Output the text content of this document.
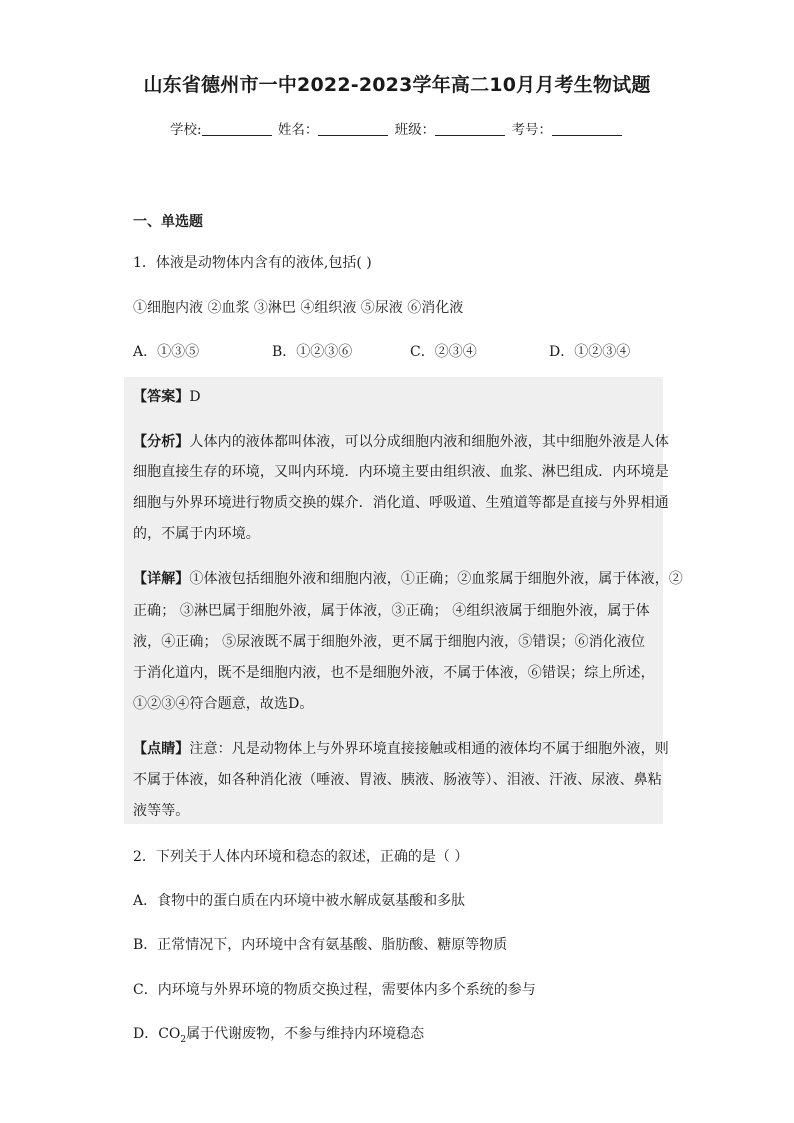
山东省德州市一中2022-2023学年高二10月月考生物试题
学校:	姓名：	班级：	考号：
一、单选题
1．体液是动物体内含有的液体,包括( )
①细胞内液 ②血浆 ③淋巴 ④组织液 ⑤尿液 ⑥消化液
A．①③⑤	B．①②③⑥	C．②③④	D．①②③④
【答案】D
【分析】人体内的液体都叫体液，可以分成细胞内液和细胞外液，其中细胞外液是人体
细胞直接生存的环境，又叫内环境．内环境主要由组织液、血浆、淋巴组成．内环境是
细胞与外界环境进行物质交换的媒介．消化道、呼吸道、生殖道等都是直接与外界相通
的，不属于内环境。
【详解】①体液包括细胞外液和细胞内液，①正确；②血浆属于细胞外液，属于体液，②
正确； ③淋巴属于细胞外液，属于体液，③正确； ④组织液属于细胞外液，属于体
液，④正确； ⑤尿液既不属于细胞外液，更不属于细胞内液，⑤错误；⑥消化液位
于消化道内，既不是细胞内液，也不是细胞外液，不属于体液，⑥错误；综上所述，
①②③④符合题意，故选D。
【点睛】注意：凡是动物体上与外界环境直接接触或相通的液体均不属于细胞外液，则
不属于体液，如各种消化液（唾液、胃液、胰液、肠液等）、泪液、汗液、尿液、鼻粘
液等等。
2．下列关于人体内环境和稳态的叙述，正确的是（ ）
A．食物中的蛋白质在内环境中被水解成氨基酸和多肽
B．正常情况下，内环境中含有氨基酸、脂肪酸、糖原等物质
C．内环境与外界环境的物质交换过程，需要体内多个系统的参与
D．$CO_2$属于代谢废物，不参与维持内环境稳态
